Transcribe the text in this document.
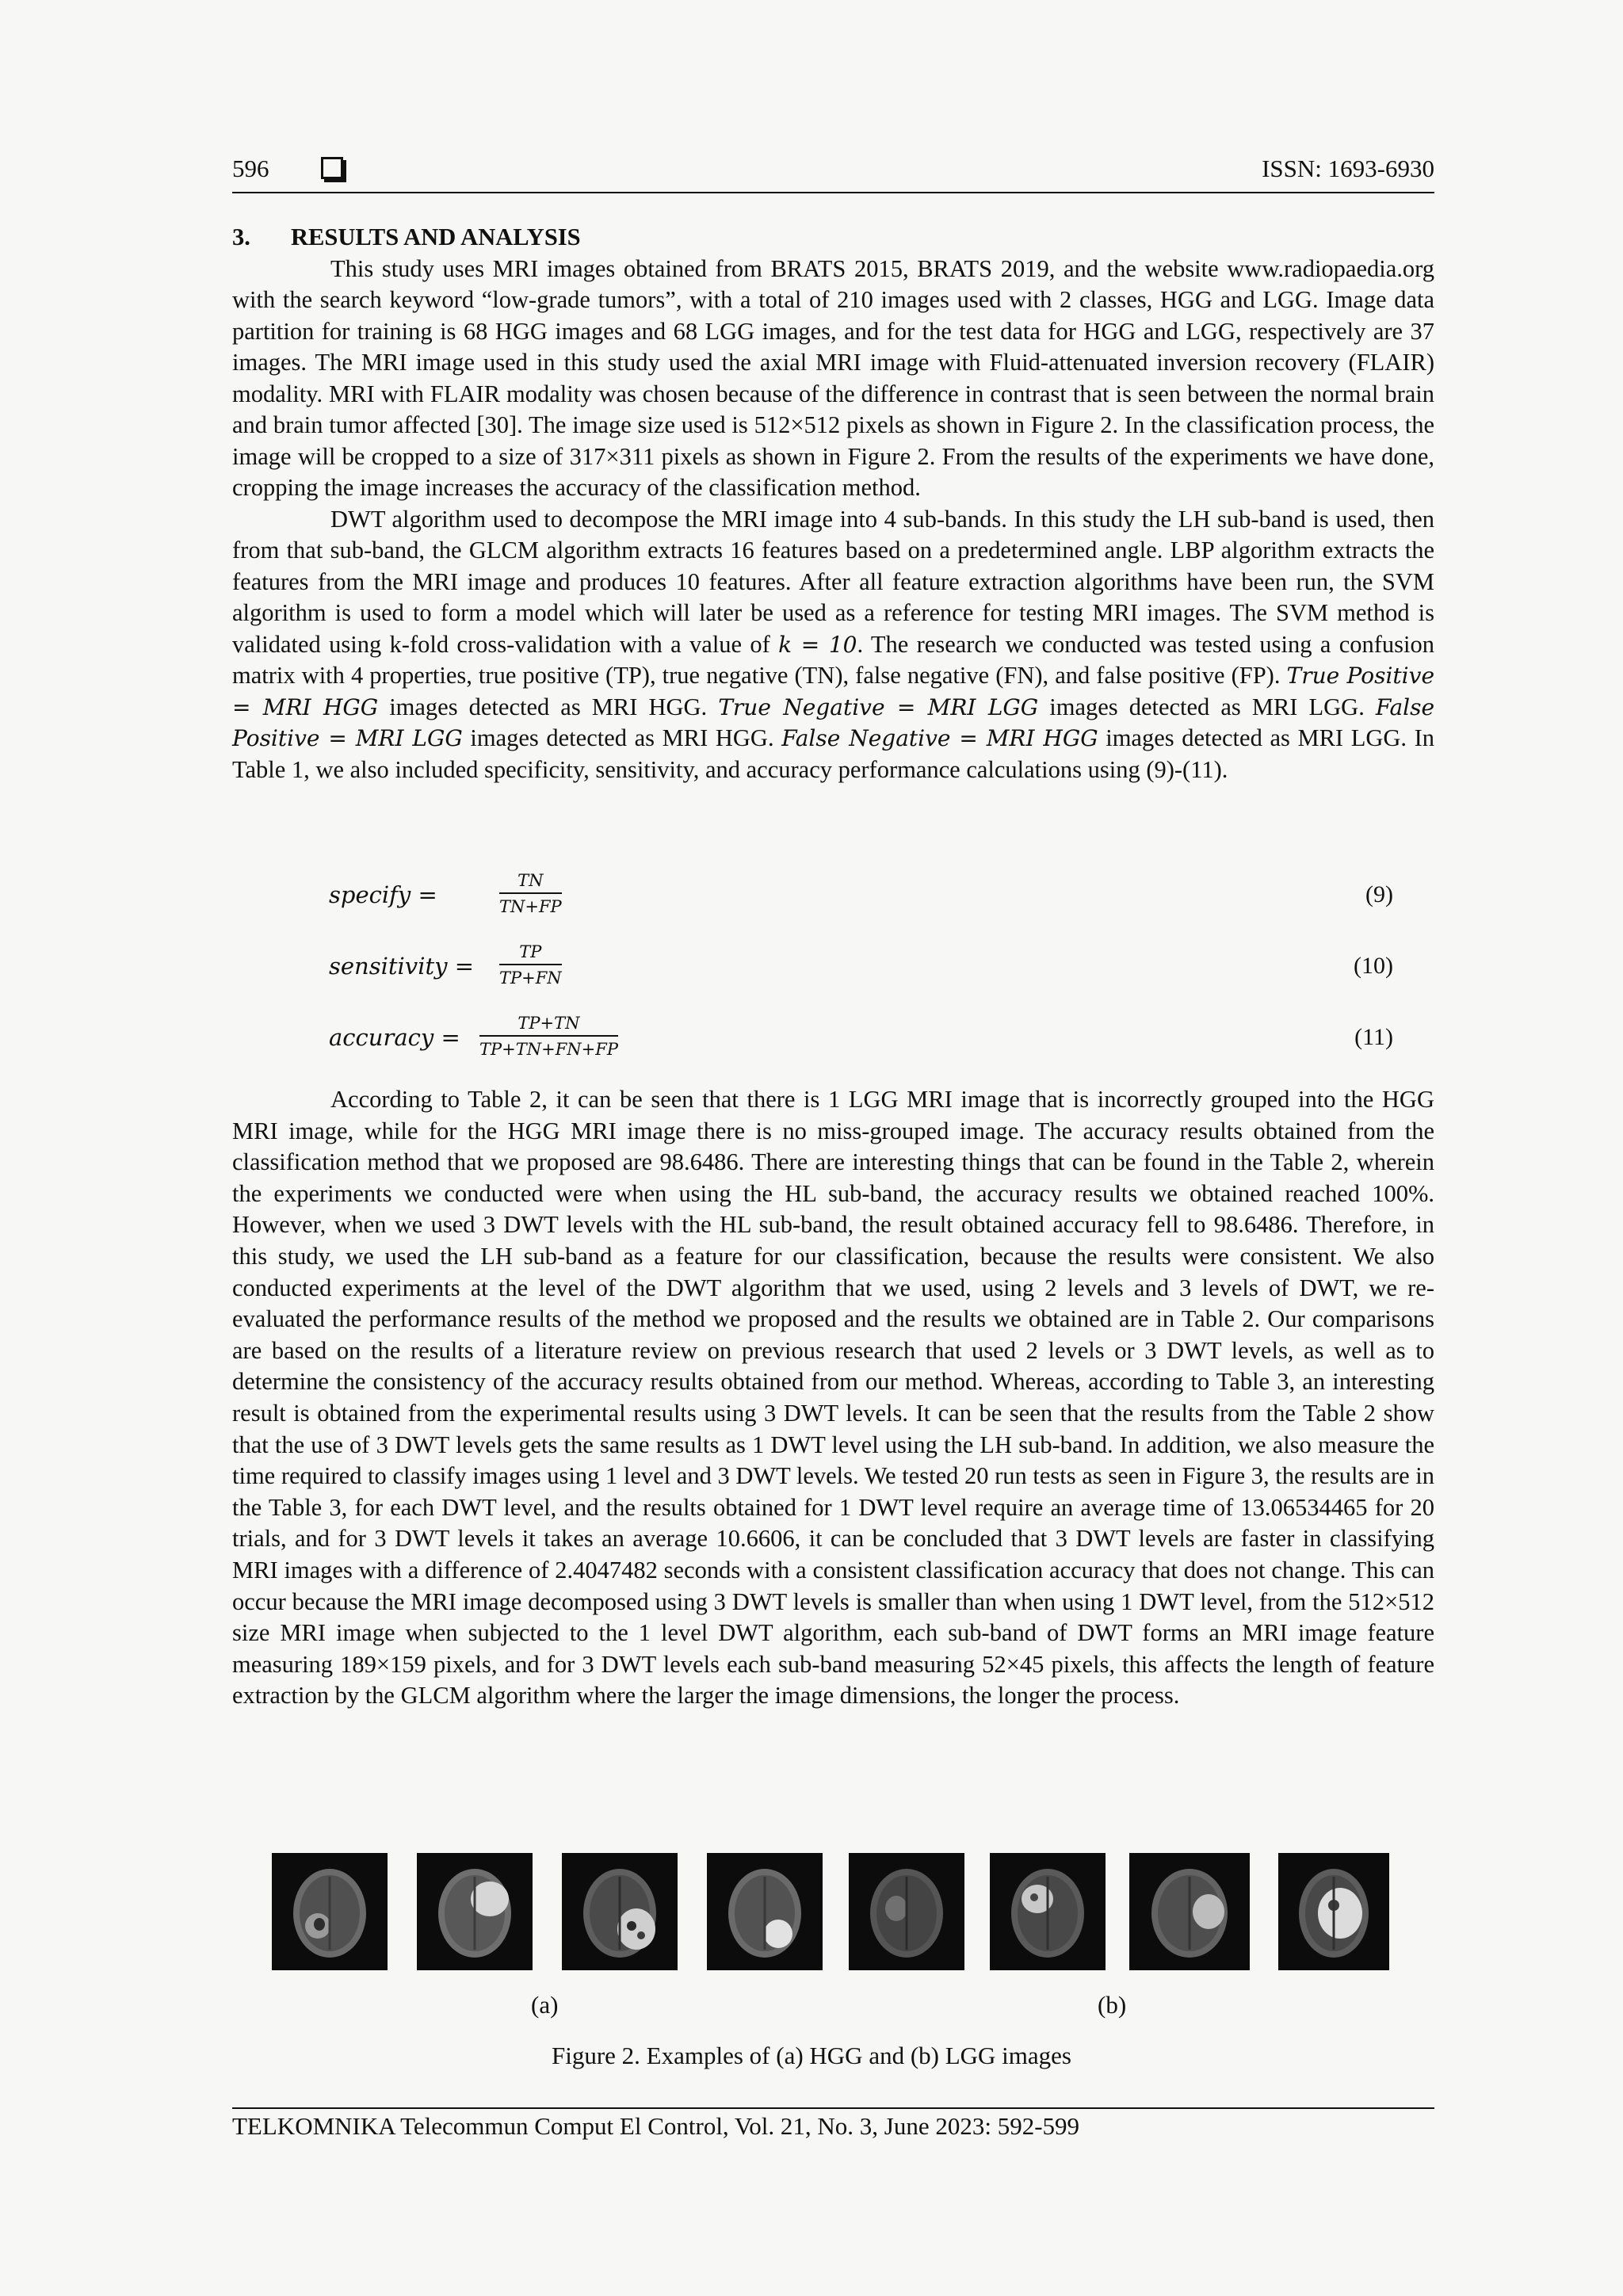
596	ISSN: 1693-6930
3. RESULTS AND ANALYSIS

This study uses MRI images obtained from BRATS 2015, BRATS 2019, and the website www.radiopaedia.org with the search keyword “low-grade tumors”, with a total of 210 images used with 2 classes, HGG and LGG. Image data partition for training is 68 HGG images and 68 LGG images, and for the test data for HGG and LGG, respectively are 37 images. The MRI image used in this study used the axial MRI image with Fluid-attenuated inversion recovery (FLAIR) modality. MRI with FLAIR modality was chosen because of the difference in contrast that is seen between the normal brain and brain tumor affected [30]. The image size used is 512×512 pixels as shown in Figure 2. In the classification process, the image will be cropped to a size of 317×311 pixels as shown in Figure 2. From the results of the experiments we have done, cropping the image increases the accuracy of the classification method.

DWT algorithm used to decompose the MRI image into 4 sub-bands. In this study the LH sub-band is used, then from that sub-band, the GLCM algorithm extracts 16 features based on a predetermined angle. LBP algorithm extracts the features from the MRI image and produces 10 features. After all feature extraction algorithms have been run, the SVM algorithm is used to form a model which will later be used as a reference for testing MRI images. The SVM method is validated using k-fold cross-validation with a value of k = 10. The research we conducted was tested using a confusion matrix with 4 properties, true positive (TP), true negative (TN), false negative (FN), and false positive (FP). True Positive = MRI HGG images detected as MRI HGG. True Negative = MRI LGG images detected as MRI LGG. False Positive = MRI LGG images detected as MRI HGG. False Negative = MRI HGG images detected as MRI LGG. In Table 1, we also included specificity, sensitivity, and accuracy performance calculations using (9)-(11).

specify =	$\frac{TN}{TN+FP}$	(9)
sensitivity = $\frac{TP}{TP+FN}$	(10)
accuracy = $\frac{TP+TN}{TP+TN+FN+FP}$	(11)

According to Table 2, it can be seen that there is 1 LGG MRI image that is incorrectly grouped into the HGG MRI image, while for the HGG MRI image there is no miss-grouped image. The accuracy results obtained from the classification method that we proposed are 98.6486. There are interesting things that can be found in the Table 2, wherein the experiments we conducted were when using the HL sub-band, the accuracy results we obtained reached 100%. However, when we used 3 DWT levels with the HL sub-band, the result obtained accuracy fell to 98.6486. Therefore, in this study, we used the LH sub-band as a feature for our classification, because the results were consistent. We also conducted experiments at the level of the DWT algorithm that we used, using 2 levels and 3 levels of DWT, we re-evaluated the performance results of the method we proposed and the results we obtained are in Table 2. Our comparisons are based on the results of a literature review on previous research that used 2 levels or 3 DWT levels, as well as to determine the consistency of the accuracy results obtained from our method. Whereas, according to Table 3, an interesting result is obtained from the experimental results using 3 DWT levels. It can be seen that the results from the Table 2 show that the use of 3 DWT levels gets the same results as 1 DWT level using the LH sub-band. In addition, we also measure the time required to classify images using 1 level and 3 DWT levels. We tested 20 run tests as seen in Figure 3, the results are in the Table 3, for each DWT level, and the results obtained for 1 DWT level require an average time of 13.06534465 for 20 trials, and for 3 DWT levels it takes an average 10.6606, it can be concluded that 3 DWT levels are faster in classifying MRI images with a difference of 2.4047482 seconds with a consistent classification accuracy that does not change. This can occur because the MRI image decomposed using 3 DWT levels is smaller than when using 1 DWT level, from the 512×512 size MRI image when subjected to the 1 level DWT algorithm, each sub-band of DWT forms an MRI image feature measuring 189×159 pixels, and for 3 DWT levels each sub-band measuring 52×45 pixels, this affects the length of feature extraction by the GLCM algorithm where the larger the image dimensions, the longer the process.

(a)	(b)
Figure 2. Examples of (a) HGG and (b) LGG images
TELKOMNIKA Telecommun Comput El Control, Vol. 21, No. 3, June 2023: 592-599
